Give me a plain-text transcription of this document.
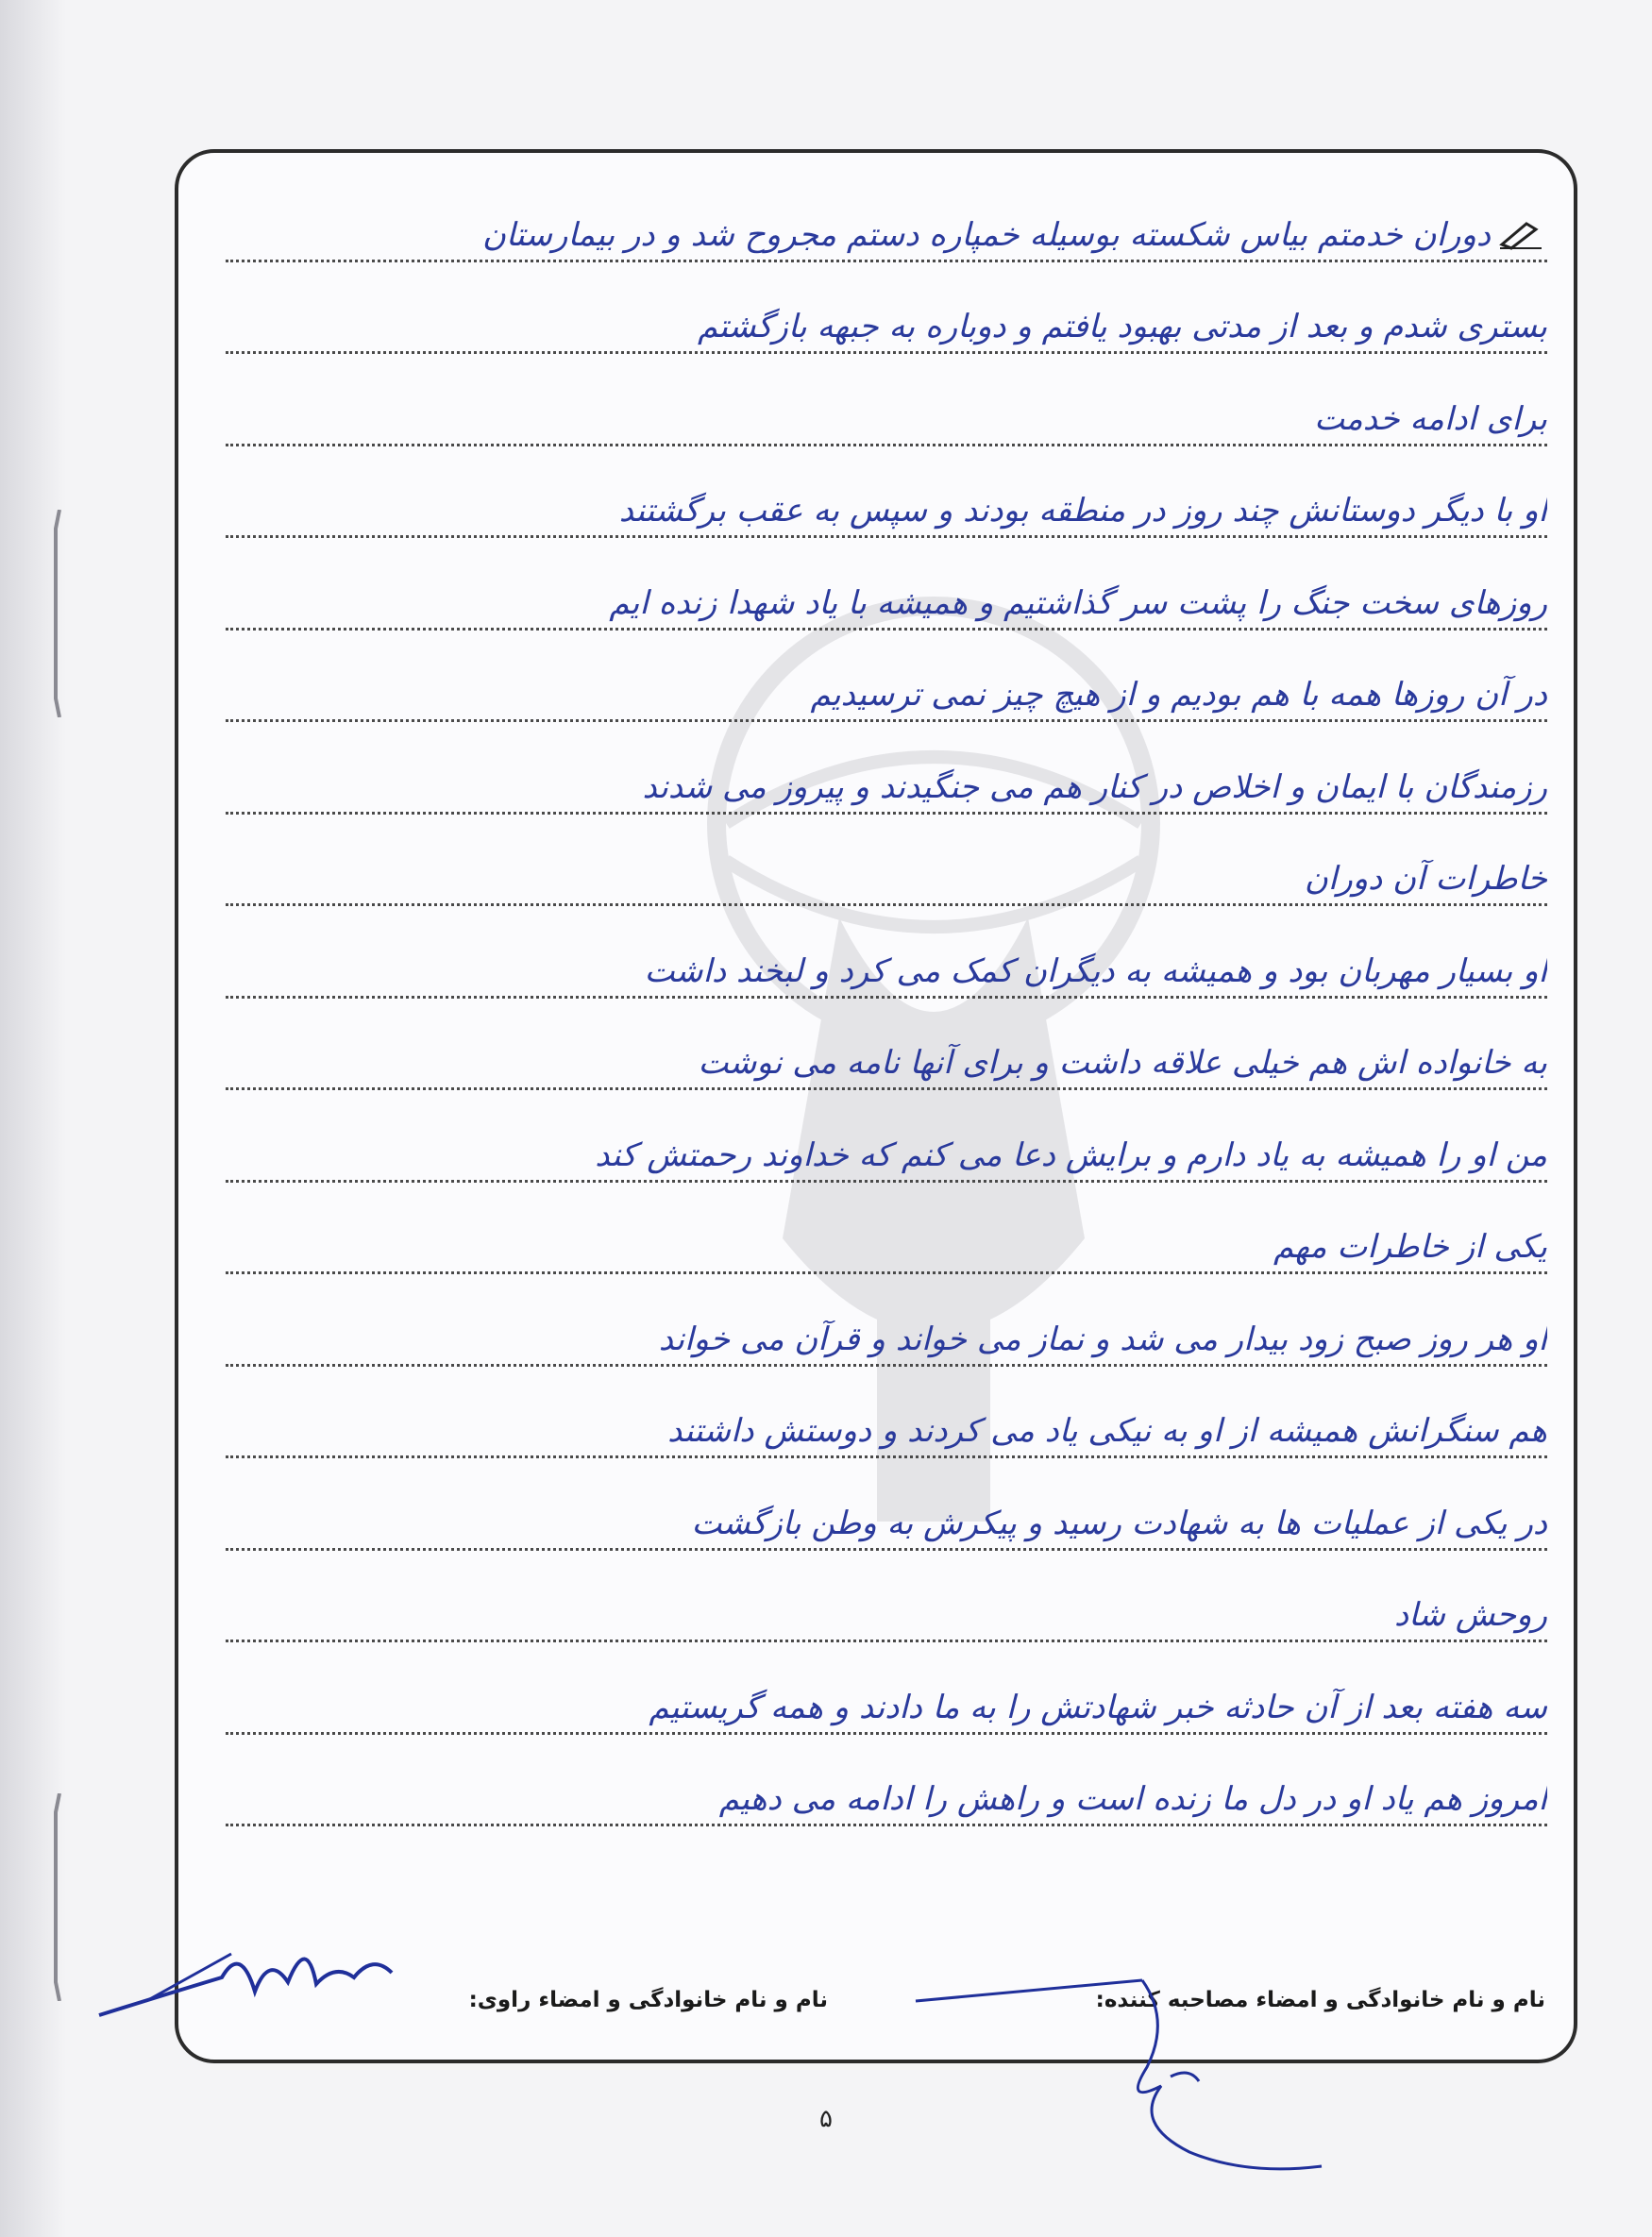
دوران خدمتم بیاس شکسته بوسیله خمپاره دستم مجروح شد و در بیمارستان
بستری شدم و بعد از مدتی بهبود یافتم و دوباره به جبهه بازگشتم
برای ادامه خدمت
او با دیگر دوستانش چند روز در منطقه بودند و سپس به عقب برگشتند
روزهای سخت جنگ را پشت سر گذاشتیم و همیشه با یاد شهدا زنده ایم
در آن روزها همه با هم بودیم و از هیچ چیز نمی ترسیدیم
رزمندگان با ایمان و اخلاص در کنار هم می جنگیدند و پیروز می شدند
خاطرات آن دوران
او بسیار مهربان بود و همیشه به دیگران کمک می کرد و لبخند داشت
به خانواده اش هم خیلی علاقه داشت و برای آنها نامه می نوشت
من او را همیشه به یاد دارم و برایش دعا می کنم که خداوند رحمتش کند
یکی از خاطرات مهم
او هر روز صبح زود بیدار می شد و نماز می خواند و قرآن می خواند
هم سنگرانش همیشه از او به نیکی یاد می کردند و دوستش داشتند
در یکی از عملیات ها به شهادت رسید و پیکرش به وطن بازگشت
روحش شاد
سه هفته بعد از آن حادثه خبر شهادتش را به ما دادند و همه گریستیم
امروز هم یاد او در دل ما زنده است و راهش را ادامه می دهیم
نام و نام خانوادگی و امضاء مصاحبه کننده:
نام و نام خانوادگی و امضاء راوی:
۵
